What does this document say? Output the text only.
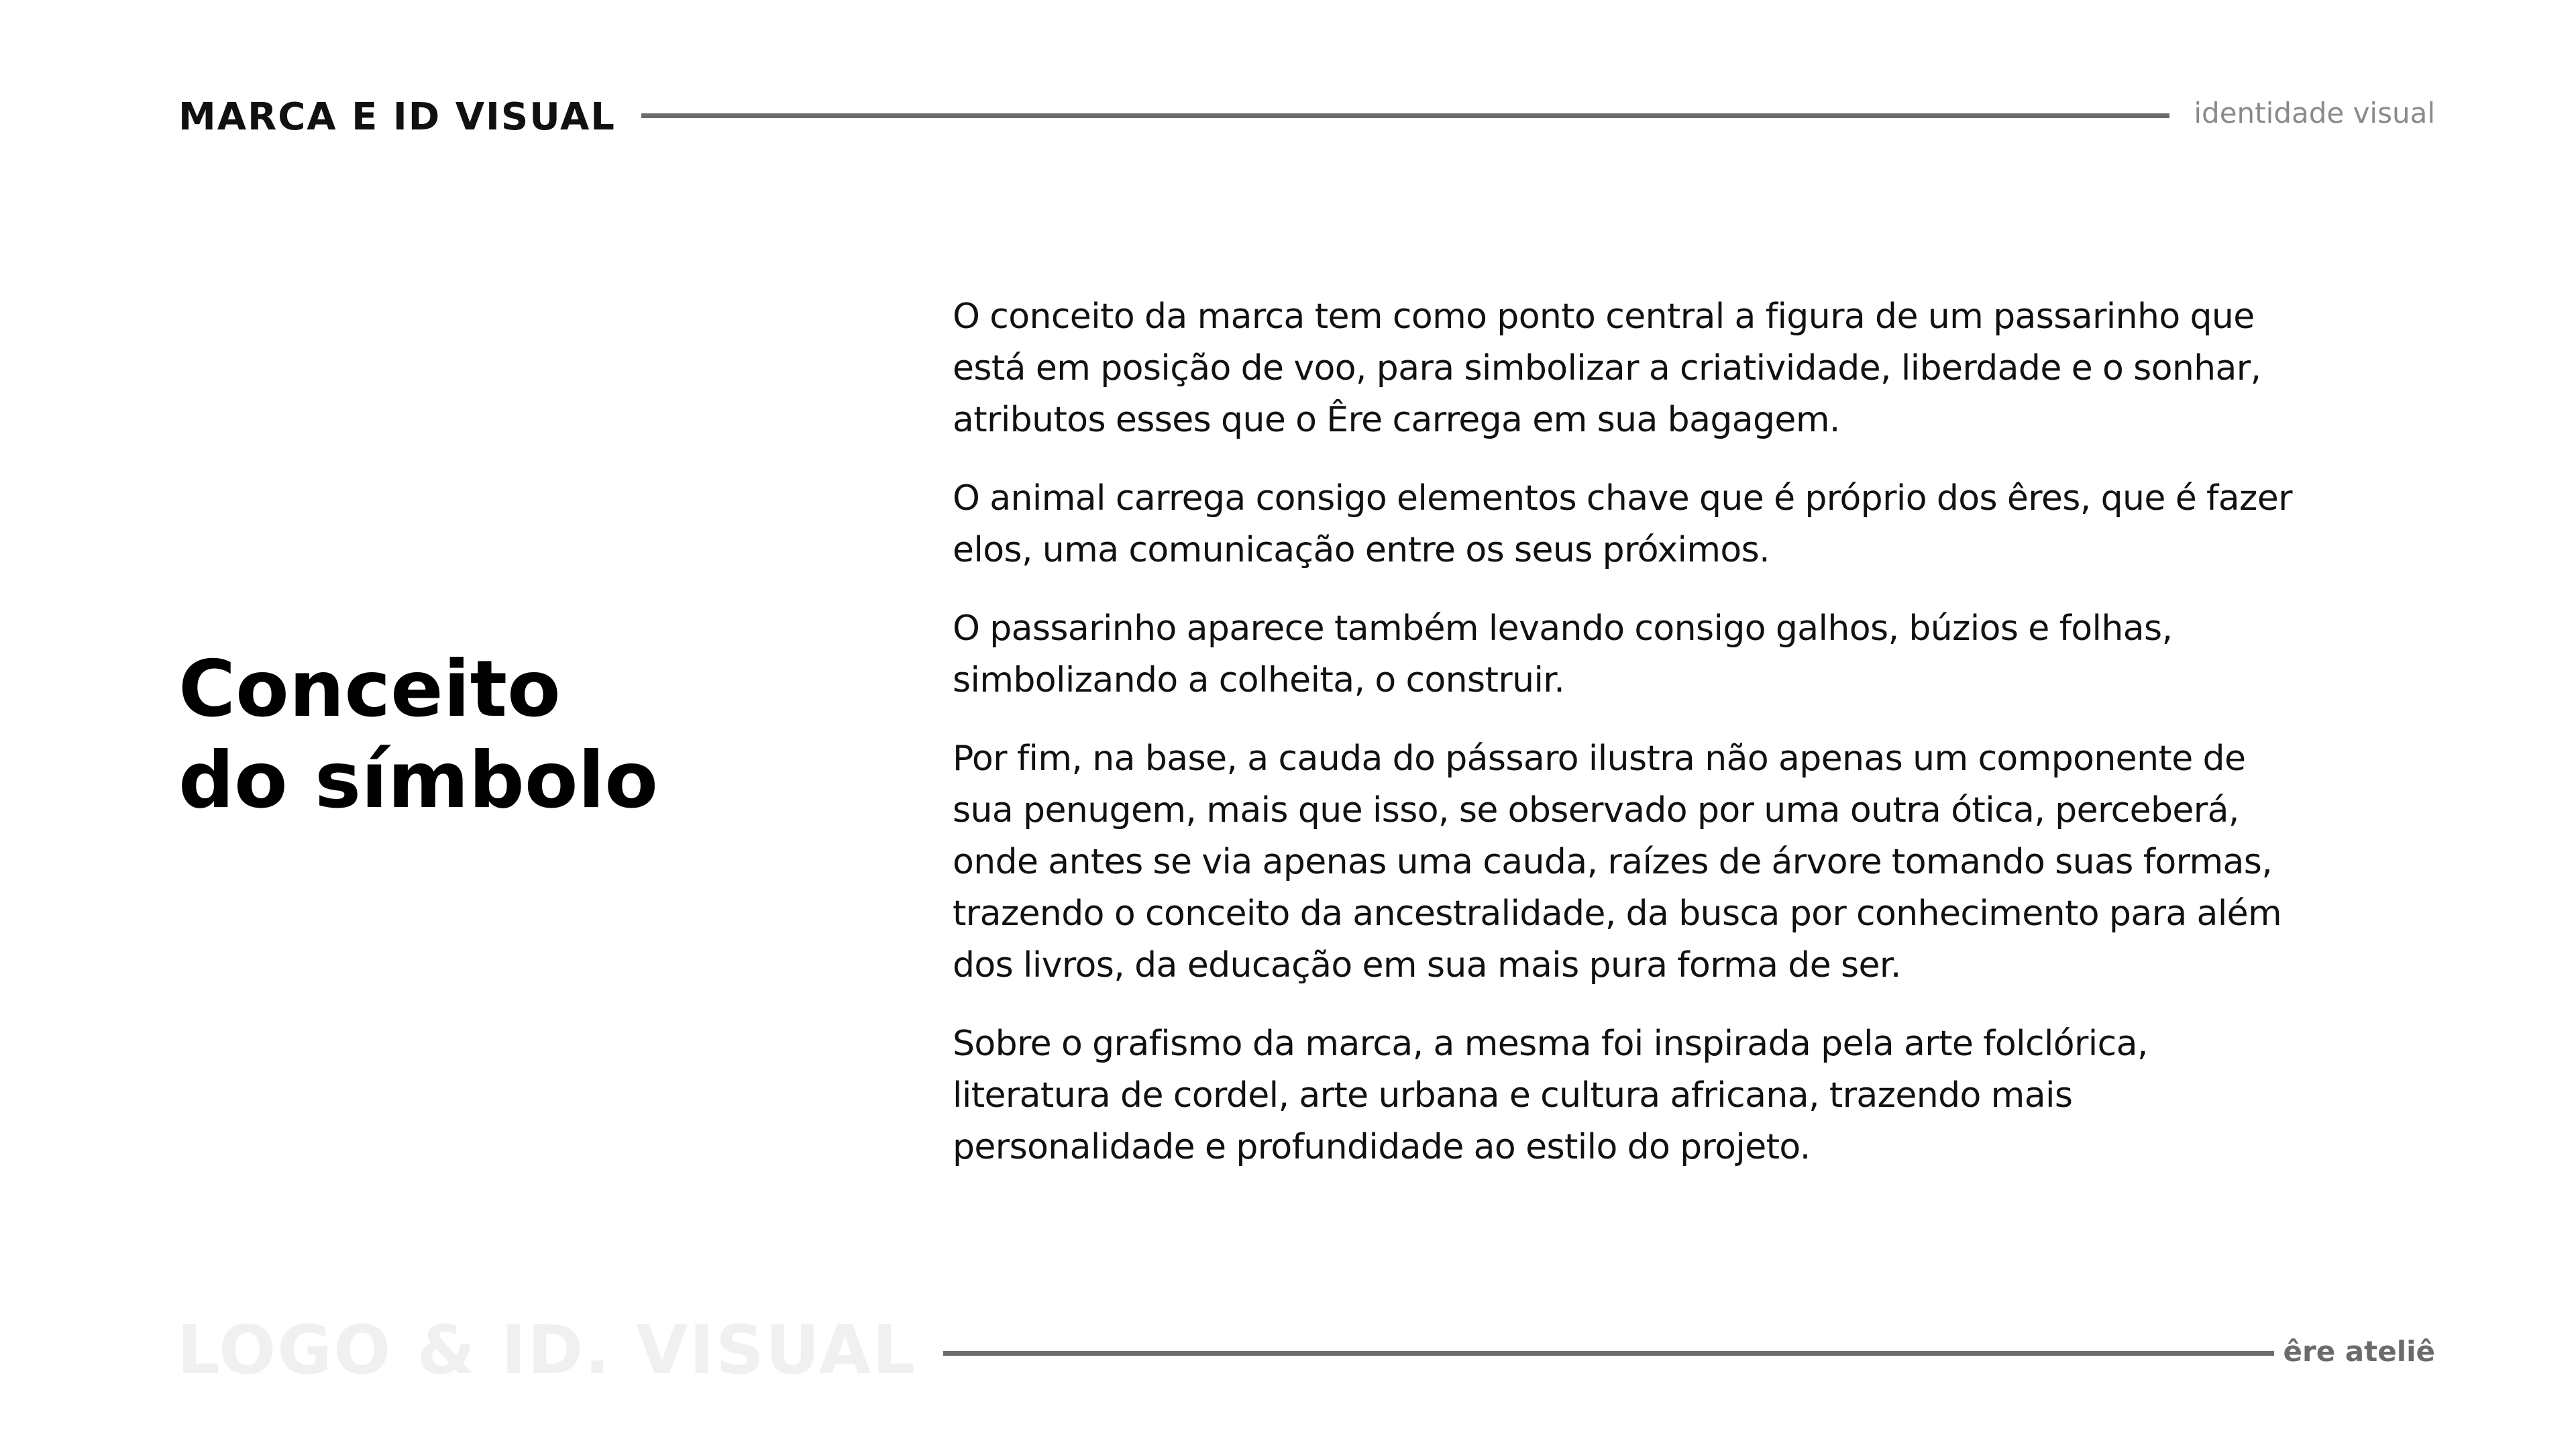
MARCA E ID VISUAL	identidade visual
Conceito
do símbolo

O conceito da marca tem como ponto central a figura de um passarinho que
está em posição de voo, para simbolizar a criatividade, liberdade e o sonhar,
atributos esses que o Êre carrega em sua bagagem.

O animal carrega consigo elementos chave que é próprio dos êres, que é fazer
elos, uma comunicação entre os seus próximos.

O passarinho aparece também levando consigo galhos, búzios e folhas,
simbolizando a colheita, o construir.

Por fim, na base, a cauda do pássaro ilustra não apenas um componente de
sua penugem, mais que isso, se observado por uma outra ótica, perceberá,
onde antes se via apenas uma cauda, raízes de árvore tomando suas formas,
trazendo o conceito da ancestralidade, da busca por conhecimento para além
dos livros, da educação em sua mais pura forma de ser.

Sobre o grafismo da marca, a mesma foi inspirada pela arte folclórica,
literatura de cordel, arte urbana e cultura africana, trazendo mais
personalidade e profundidade ao estilo do projeto.

LOGO & ID. VISUAL	êre ateliê
